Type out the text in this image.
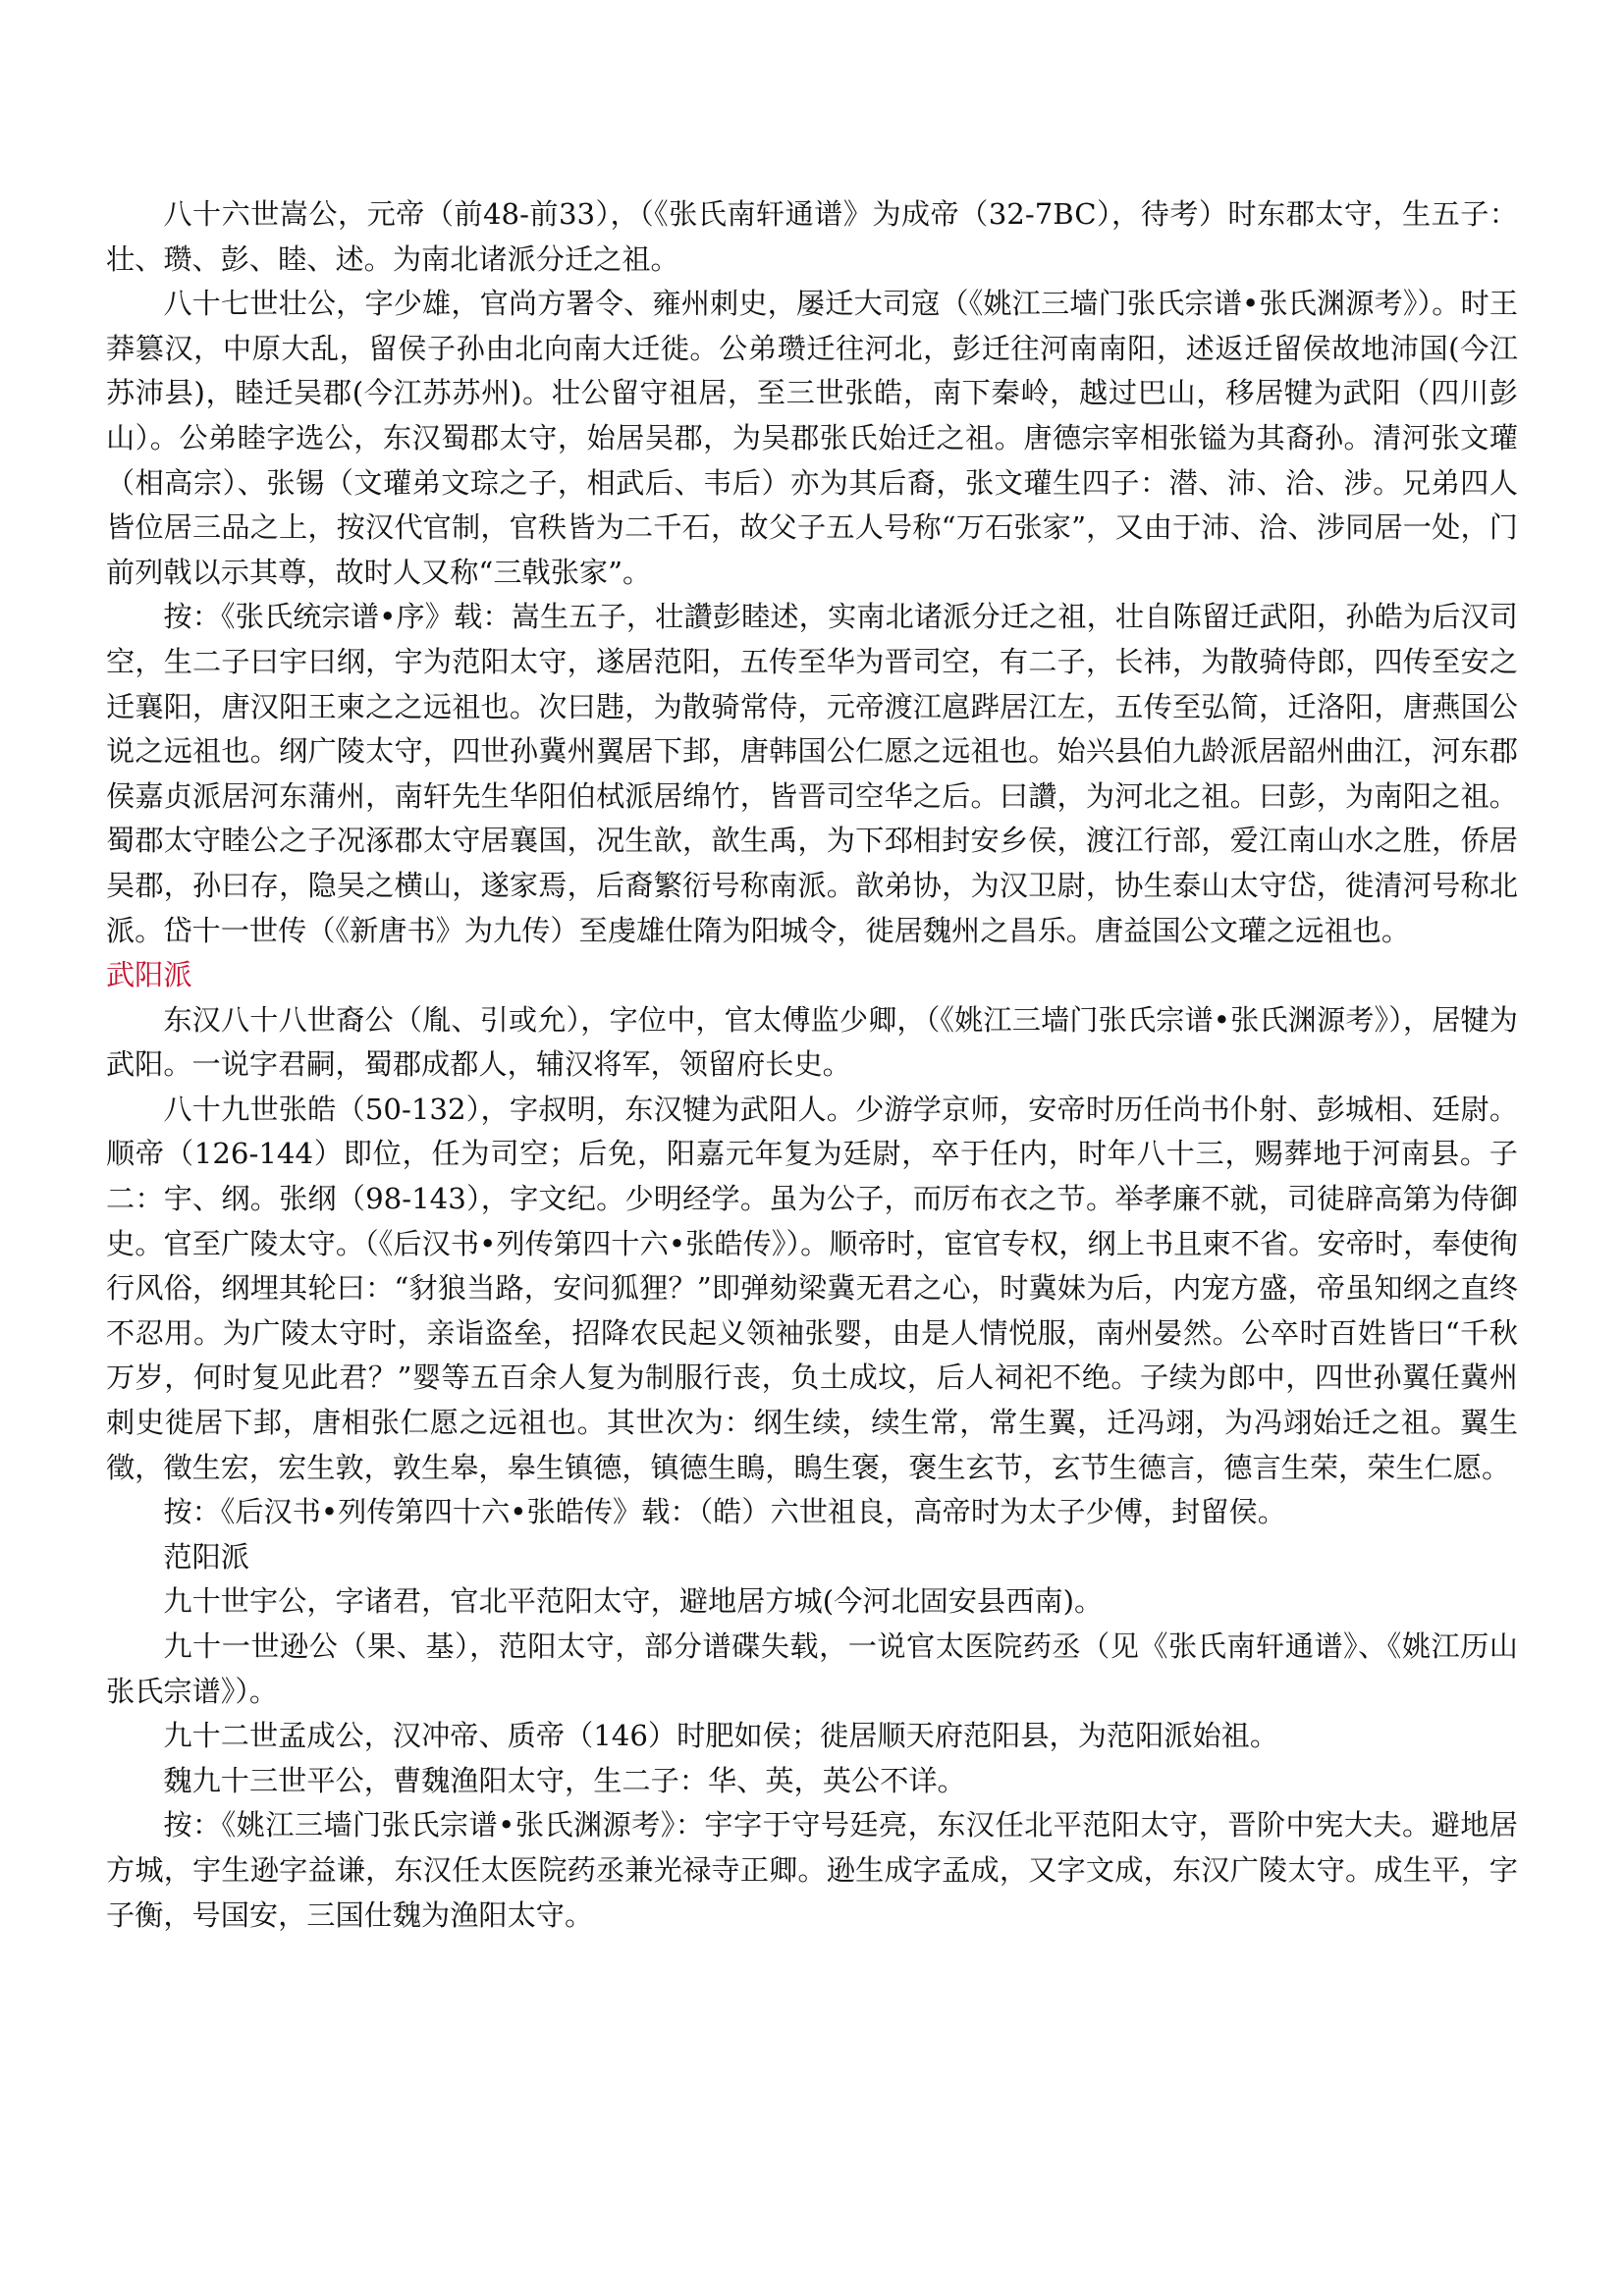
八十六世嵩公，元帝（前48-前33），（《张氏南轩通谱》为成帝（32-7BC），待考）时东郡太守，生五子：壮、瓒、彭、睦、述。为南北诸派分迁之祖。

八十七世壮公，字少雄，官尚方署令、雍州刺史，屡迁大司寇（《姚江三墙门张氏宗谱•张氏渊源考》）。时王莽篡汉，中原大乱，留侯子孙由北向南大迁徙。公弟瓒迁往河北，彭迁往河南南阳，述返迁留侯故地沛国(今江苏沛县)，睦迁吴郡(今江苏苏州)。壮公留守祖居，至三世张皓，南下秦岭，越过巴山，移居犍为武阳（四川彭山）。公弟睦字选公，东汉蜀郡太守，始居吴郡，为吴郡张氏始迁之祖。唐德宗宰相张镒为其裔孙。清河张文瓘（相高宗）、张锡（文瓘弟文琮之子，相武后、韦后）亦为其后裔，张文瓘生四子：潜、沛、洽、涉。兄弟四人皆位居三品之上，按汉代官制，官秩皆为二千石，故父子五人号称“万石张家”，又由于沛、洽、涉同居一处，门前列戟以示其尊，故时人又称“三戟张家”。

按：《张氏统宗谱•序》载：嵩生五子，壮讚彭睦述，实南北诸派分迁之祖，壮自陈留迁武阳，孙皓为后汉司空，生二子曰宇曰纲，宇为范阳太守，遂居范阳，五传至华为晋司空，有二子，长祎，为散骑侍郎，四传至安之迁襄阳，唐汉阳王柬之之远祖也。次曰韪，为散骑常侍，元帝渡江扈跸居江左，五传至弘简，迁洛阳，唐燕国公说之远祖也。纲广陵太守，四世孙冀州翼居下邽，唐韩国公仁愿之远祖也。始兴县伯九龄派居韶州曲江，河东郡侯嘉贞派居河东蒲州，南轩先生华阳伯栻派居绵竹，皆晋司空华之后。曰讚，为河北之祖。曰彭，为南阳之祖。蜀郡太守睦公之子况涿郡太守居襄国，况生歆，歆生禹，为下邳相封安乡侯，渡江行部，爱江南山水之胜，侨居吴郡，孙曰存，隐吴之横山，遂家焉，后裔繁衍号称南派。歆弟协，为汉卫尉，协生泰山太守岱，徙清河号称北派。岱十一世传（《新唐书》为九传）至虔雄仕隋为阳城令，徙居魏州之昌乐。唐益国公文瓘之远祖也。

武阳派

东汉八十八世裔公（胤、引或允），字位中，官太傅监少卿，（《姚江三墙门张氏宗谱•张氏渊源考》），居犍为武阳。一说字君嗣，蜀郡成都人，辅汉将军，领留府长史。

八十九世张皓（50-132），字叔明，东汉犍为武阳人。少游学京师，安帝时历任尚书仆射、彭城相、廷尉。顺帝（126-144）即位，任为司空；后免，阳嘉元年复为廷尉，卒于任内，时年八十三，赐葬地于河南县。子二：宇、纲。张纲（98-143），字文纪。少明经学。虽为公子，而厉布衣之节。举孝廉不就，司徒辟高第为侍御史。官至广陵太守。（《后汉书•列传第四十六•张皓传》）。顺帝时，宦官专权，纲上书且柬不省。安帝时，奉使徇行风俗，纲埋其轮曰：“豺狼当路，安问狐狸？”即弹劾梁冀无君之心，时冀妹为后，内宠方盛，帝虽知纲之直终不忍用。为广陵太守时，亲诣盗垒，招降农民起义领袖张婴，由是人情悦服，南州晏然。公卒时百姓皆曰“千秋万岁，何时复见此君？”婴等五百余人复为制服行丧，负土成坟，后人祠祀不绝。子续为郎中，四世孙翼任冀州刺史徙居下邽，唐相张仁愿之远祖也。其世次为：纲生续，续生常，常生翼，迁冯翊，为冯翊始迁之祖。翼生徵，徵生宏，宏生敦，敦生皋，皋生镇德，镇德生瞗，瞗生褒，褒生玄节，玄节生德言，德言生荣，荣生仁愿。

按：《后汉书•列传第四十六•张皓传》载：（皓）六世祖良，高帝时为太子少傅，封留侯。

范阳派

九十世宇公，字诸君，官北平范阳太守，避地居方城(今河北固安县西南)。

九十一世逊公（果、基），范阳太守，部分谱碟失载，一说官太医院药丞（见《张氏南轩通谱》、《姚江历山张氏宗谱》）。

九十二世孟成公，汉冲帝、质帝（146）时肥如侯；徙居顺天府范阳县，为范阳派始祖。

魏九十三世平公，曹魏渔阳太守，生二子：华、英，英公不详。

按：《姚江三墙门张氏宗谱•张氏渊源考》：宇字于守号廷亮，东汉任北平范阳太守，晋阶中宪大夫。避地居方城，宇生逊字益谦，东汉任太医院药丞兼光禄寺正卿。逊生成字孟成，又字文成，东汉广陵太守。成生平，字子衡，号国安，三国仕魏为渔阳太守。
